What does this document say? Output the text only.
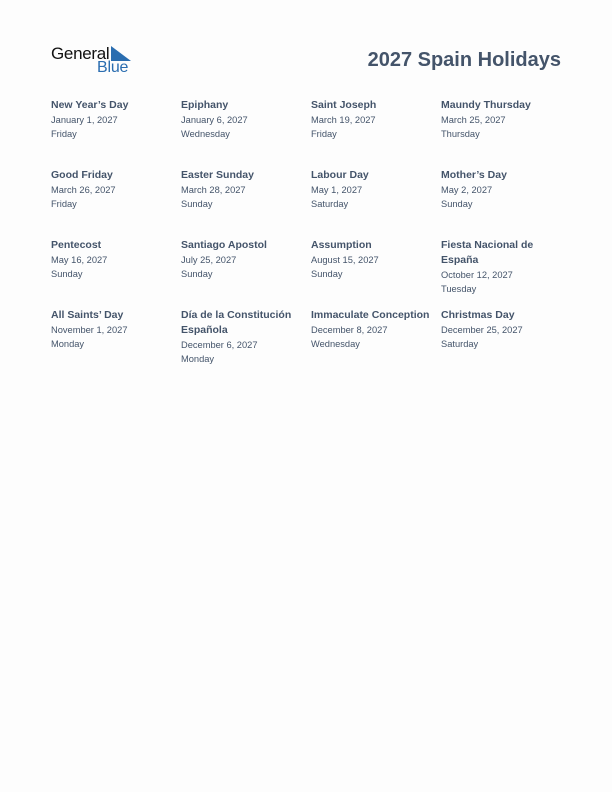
General
Blue	2027 Spain Holidays
New Year’s Day
January 1, 2027
Friday
Epiphany
January 6, 2027
Wednesday
Saint Joseph
March 19, 2027
Friday
Maundy Thursday
March 25, 2027
Thursday
Good Friday
March 26, 2027
Friday
Easter Sunday
March 28, 2027
Sunday
Labour Day
May 1, 2027
Saturday
Mother’s Day
May 2, 2027
Sunday
Pentecost
May 16, 2027
Sunday
Santiago Apostol
July 25, 2027
Sunday
Assumption
August 15, 2027
Sunday
Fiesta Nacional de España
October 12, 2027
Tuesday
All Saints’ Day
November 1, 2027
Monday
Día de la Constitución Española
December 6, 2027
Monday
Immaculate Conception
December 8, 2027
Wednesday
Christmas Day
December 25, 2027
Saturday
